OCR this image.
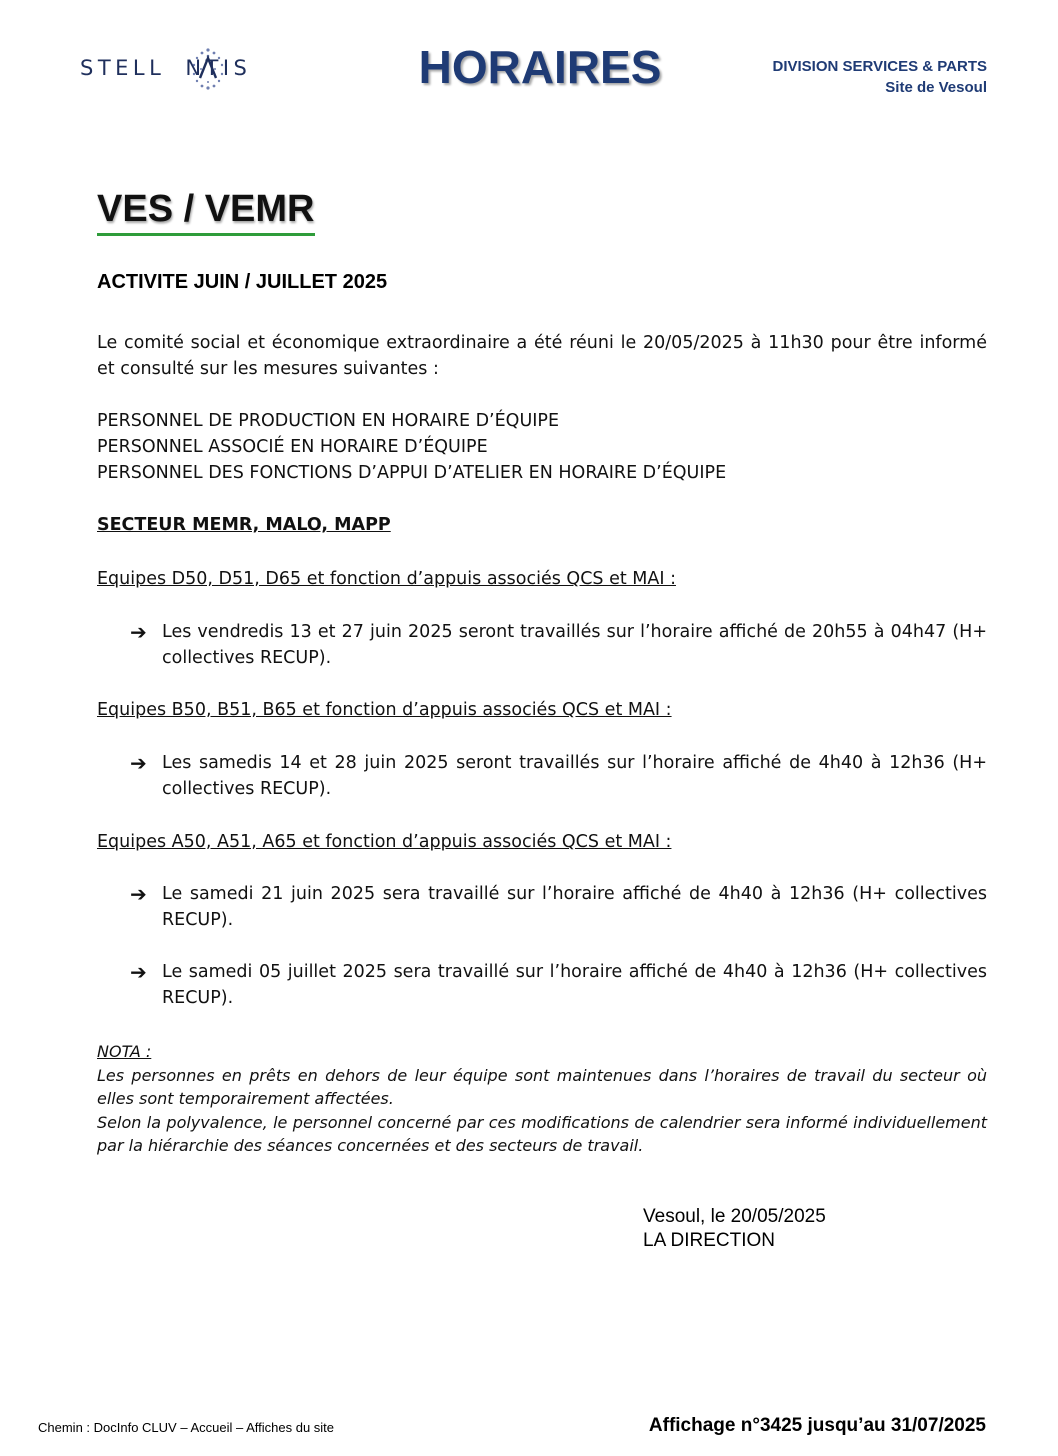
STELL NTIS	HORAIRES	DIVISION SERVICES & PARTS
Site de Vesoul
VES / VEMR
ACTIVITE JUIN / JUILLET 2025
Le comité social et économique extraordinaire a été réuni le 20/05/2025 à 11h30 pour être informé et consulté sur les mesures suivantes :
PERSONNEL DE PRODUCTION EN HORAIRE D’ÉQUIPE
PERSONNEL ASSOCIÉ EN HORAIRE D’ÉQUIPE
PERSONNEL DES FONCTIONS D’APPUI D’ATELIER EN HORAIRE D’ÉQUIPE
SECTEUR MEMR, MALO, MAPP
Equipes D50, D51, D65 et fonction d’appuis associés QCS et MAI :
➔ Les vendredis 13 et 27 juin 2025 seront travaillés sur l’horaire affiché de 20h55 à 04h47 (H+ collectives RECUP).
Equipes B50, B51, B65 et fonction d’appuis associés QCS et MAI :
➔ Les samedis 14 et 28 juin 2025 seront travaillés sur l’horaire affiché de 4h40 à 12h36 (H+ collectives RECUP).
Equipes A50, A51, A65 et fonction d’appuis associés QCS et MAI :
➔ Le samedi 21 juin 2025 sera travaillé sur l’horaire affiché de 4h40 à 12h36 (H+ collectives RECUP).
➔ Le samedi 05 juillet 2025 sera travaillé sur l’horaire affiché de 4h40 à 12h36 (H+ collectives RECUP).
NOTA :
Les personnes en prêts en dehors de leur équipe sont maintenues dans l’horaires de travail du secteur où elles sont temporairement affectées.
Selon la polyvalence, le personnel concerné par ces modifications de calendrier sera informé individuellement par la hiérarchie des séances concernées et des secteurs de travail.
Vesoul, le 20/05/2025
LA DIRECTION
Chemin : DocInfo CLUV – Accueil – Affiches du site	Affichage n°3425 jusqu’au 31/07/2025
